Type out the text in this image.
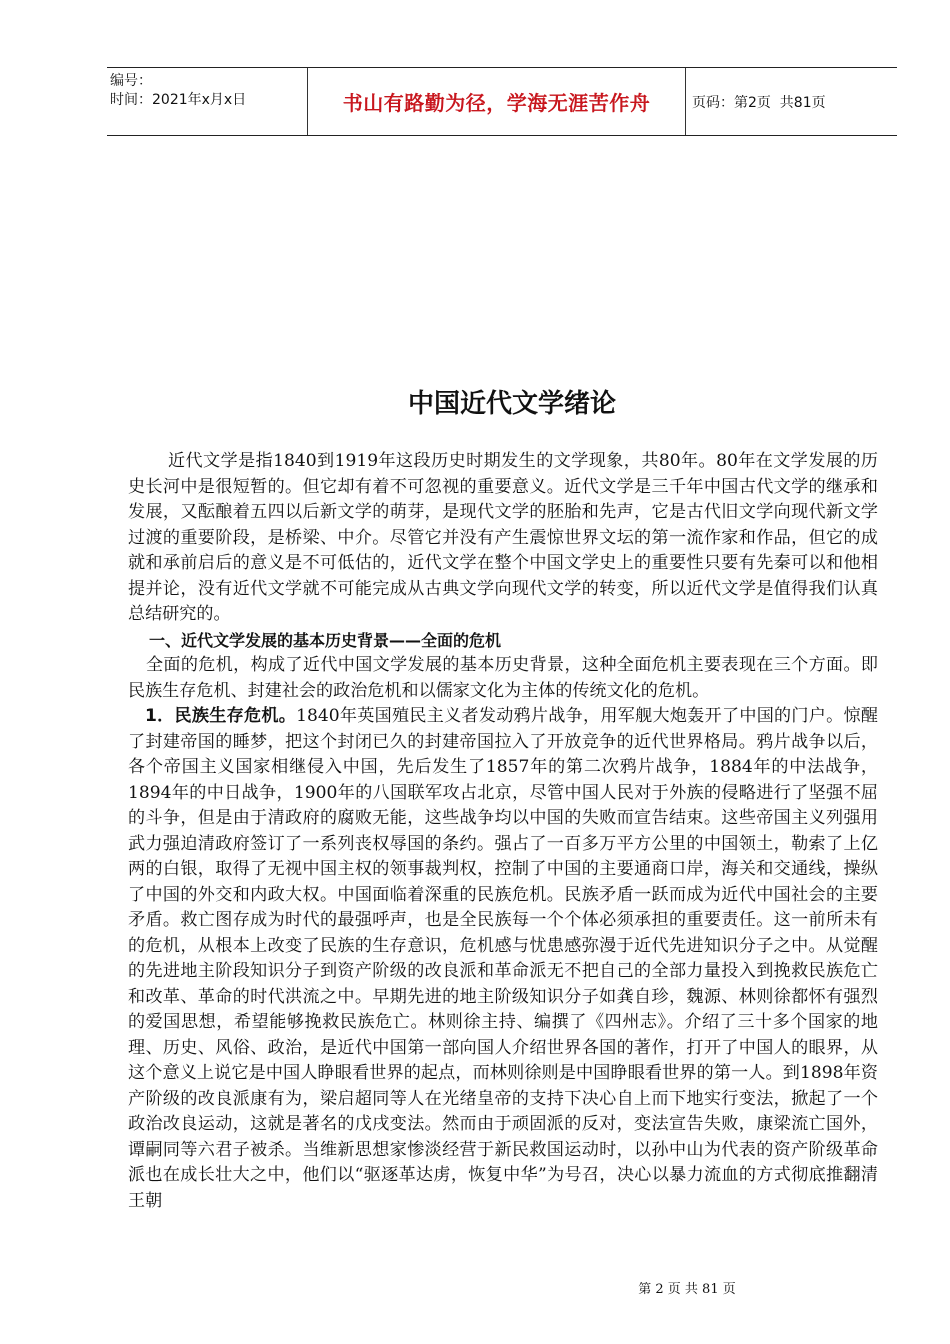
编号：
时间：2021年x月x日	书山有路勤为径，学海无涯苦作舟	页码：第2页  共81页
中国近代文学绪论

近代文学是指1840到1919年这段历史时期发生的文学现象，共80年。80年在文学发展的历史长河中是很短暂的。但它却有着不可忽视的重要意义。近代文学是三千年中国古代文学的继承和发展，又酝酿着五四以后新文学的萌芽，是现代文学的胚胎和先声，它是古代旧文学向现代新文学过渡的重要阶段，是桥梁、中介。尽管它并没有产生震惊世界文坛的第一流作家和作品，但它的成就和承前启后的意义是不可低估的，近代文学在整个中国文学史上的重要性只要有先秦可以和他相提并论，没有近代文学就不可能完成从古典文学向现代文学的转变，所以近代文学是值得我们认真总结研究的。

一、近代文学发展的基本历史背景——全面的危机

全面的危机，构成了近代中国文学发展的基本历史背景，这种全面危机主要表现在三个方面。即民族生存危机、封建社会的政治危机和以儒家文化为主体的传统文化的危机。

1．民族生存危机。1840年英国殖民主义者发动鸦片战争，用军舰大炮轰开了中国的门户。惊醒了封建帝国的睡梦，把这个封闭已久的封建帝国拉入了开放竞争的近代世界格局。鸦片战争以后，各个帝国主义国家相继侵入中国，先后发生了1857年的第二次鸦片战争，1884年的中法战争，1894年的中日战争，1900年的八国联军攻占北京，尽管中国人民对于外族的侵略进行了坚强不屈的斗争，但是由于清政府的腐败无能，这些战争均以中国的失败而宣告结束。这些帝国主义列强用武力强迫清政府签订了一系列丧权辱国的条约。强占了一百多万平方公里的中国领土，勒索了上亿两的白银，取得了无视中国主权的领事裁判权，控制了中国的主要通商口岸，海关和交通线，操纵了中国的外交和内政大权。中国面临着深重的民族危机。民族矛盾一跃而成为近代中国社会的主要矛盾。救亡图存成为时代的最强呼声，也是全民族每一个个体必须承担的重要责任。这一前所未有的危机，从根本上改变了民族的生存意识，危机感与忧患感弥漫于近代先进知识分子之中。从觉醒的先进地主阶段知识分子到资产阶级的改良派和革命派无不把自己的全部力量投入到挽救民族危亡和改革、革命的时代洪流之中。早期先进的地主阶级知识分子如龚自珍，魏源、林则徐都怀有强烈的爱国思想，希望能够挽救民族危亡。林则徐主持、编撰了《四州志》。介绍了三十多个国家的地理、历史、风俗、政治，是近代中国第一部向国人介绍世界各国的著作，打开了中国人的眼界，从这个意义上说它是中国人睁眼看世界的起点，而林则徐则是中国睁眼看世界的第一人。到1898年资产阶级的改良派康有为，梁启超同等人在光绪皇帝的支持下决心自上而下地实行变法，掀起了一个政治改良运动，这就是著名的戊戌变法。然而由于顽固派的反对，变法宣告失败，康梁流亡国外，谭嗣同等六君子被杀。当维新思想家惨淡经营于新民救国运动时，以孙中山为代表的资产阶级革命派也在成长壮大之中，他们以“驱逐革达虏，恢复中华”为号召，决心以暴力流血的方式彻底推翻清王朝

第 2 页 共 81 页
